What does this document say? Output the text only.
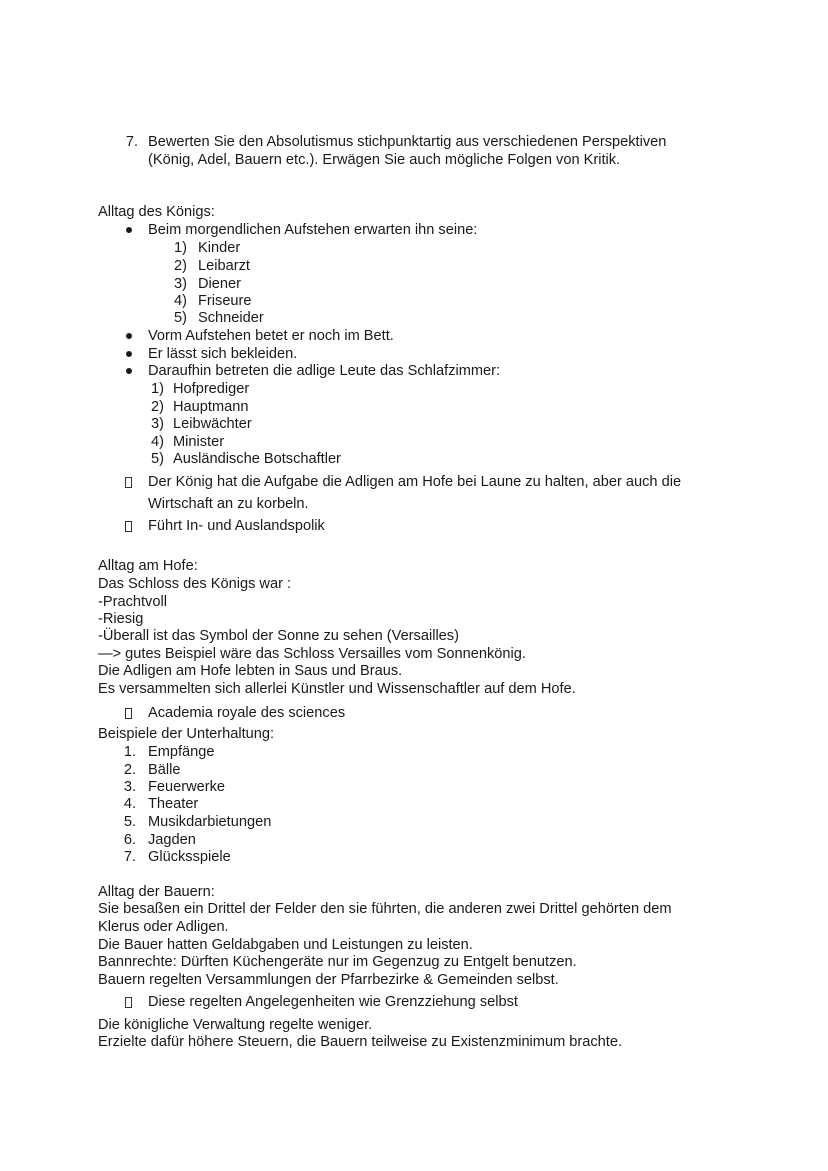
7. Bewerten Sie den Absolutismus stichpunktartig aus verschiedenen Perspektiven
(König, Adel, Bauern etc.). Erwägen Sie auch mögliche Folgen von Kritik.
Alltag des Königs:
Beim morgendlichen Aufstehen erwarten ihn seine:
1) Kinder
2) Leibarzt
3) Diener
4) Friseure
5) Schneider
Vorm Aufstehen betet er noch im Bett.
Er lässt sich bekleiden.
Daraufhin betreten die adlige Leute das Schlafzimmer:
1) Hofprediger
2) Hauptmann
3) Leibwächter
4) Minister
5) Ausländische Botschaftler
Der König hat die Aufgabe die Adligen am Hofe bei Laune zu halten, aber auch die
Wirtschaft an zu korbeln.
Führt In- und Auslandspolik
Alltag am Hofe:
Das Schloss des Königs war :
-Prachtvoll
-Riesig
-Überall ist das Symbol der Sonne zu sehen (Versailles)
—> gutes Beispiel wäre das Schloss Versailles vom Sonnenkönig.
Die Adligen am Hofe lebten in Saus und Braus.
Es versammelten sich allerlei Künstler und Wissenschaftler auf dem Hofe.
Academia royale des sciences
Beispiele der Unterhaltung:
1. Empfänge
2. Bälle
3. Feuerwerke
4. Theater
5. Musikdarbietungen
6. Jagden
7. Glücksspiele
Alltag der Bauern:
Sie besaßen ein Drittel der Felder den sie führten, die anderen zwei Drittel gehörten dem
Klerus oder Adligen.
Die Bauer hatten Geldabgaben und Leistungen zu leisten.
Bannrechte: Dürften Küchengeräte nur im Gegenzug zu Entgelt benutzen.
Bauern regelten Versammlungen der Pfarrbezirke & Gemeinden selbst.
Diese regelten Angelegenheiten wie Grenzziehung selbst
Die königliche Verwaltung regelte weniger.
Erzielte dafür höhere Steuern, die Bauern teilweise zu Existenzminimum brachte.
